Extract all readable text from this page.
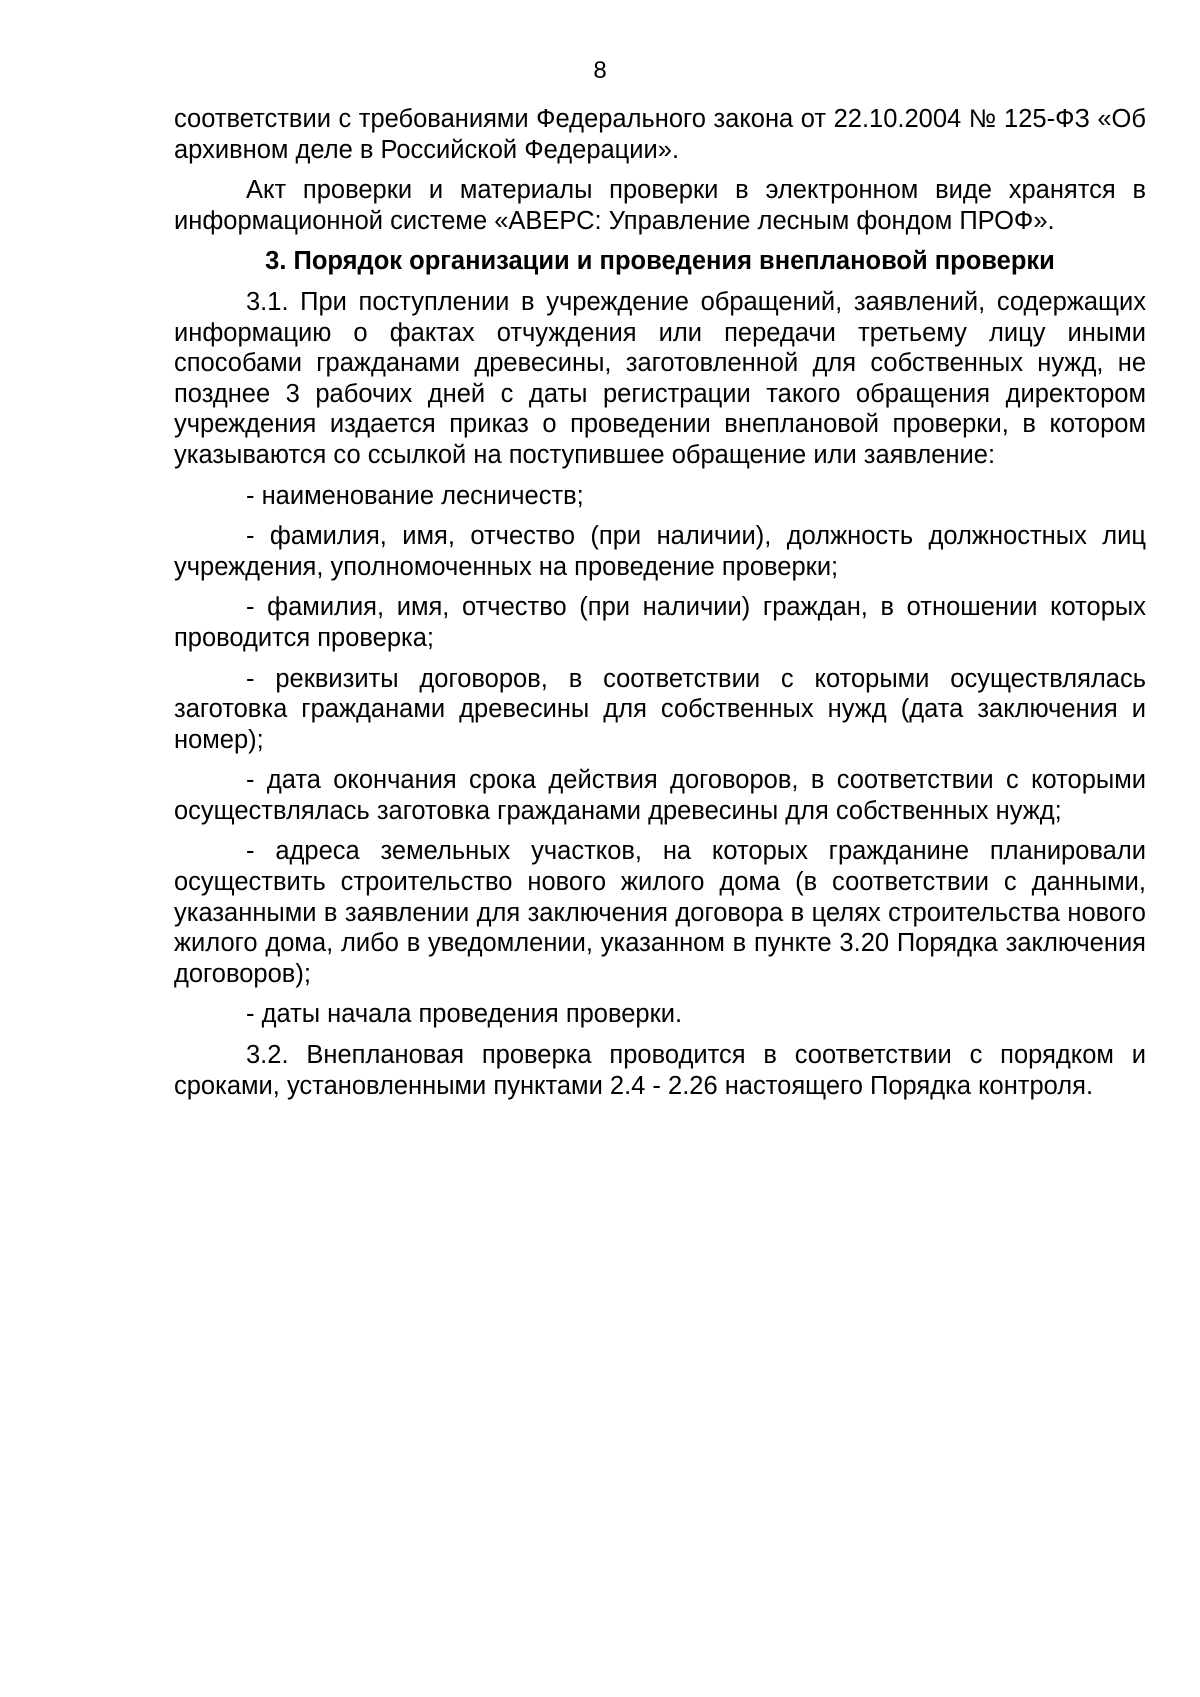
8

соответствии с требованиями Федерального закона от 22.10.2004 № 125-ФЗ «Об архивном деле в Российской Федерации».

Акт проверки и материалы проверки в электронном виде хранятся в информационной системе «АВЕРС: Управление лесным фондом ПРОФ».

3. Порядок организации и проведения внеплановой проверки

3.1. При поступлении в учреждение обращений, заявлений, содержащих информацию о фактах отчуждения или передачи третьему лицу иными способами гражданами древесины, заготовленной для собственных нужд, не позднее 3 рабочих дней с даты регистрации такого обращения директором учреждения издается приказ о проведении внеплановой проверки, в котором указываются со ссылкой на поступившее обращение или заявление:

- наименование лесничеств;

- фамилия, имя, отчество (при наличии), должность должностных лиц учреждения, уполномоченных на проведение проверки;

- фамилия, имя, отчество (при наличии) граждан, в отношении которых проводится проверка;

- реквизиты договоров, в соответствии с которыми осуществлялась заготовка гражданами древесины для собственных нужд (дата заключения и номер);

- дата окончания срока действия договоров, в соответствии с которыми осуществлялась заготовка гражданами древесины для собственных нужд;

- адреса земельных участков, на которых гражданине планировали осуществить строительство нового жилого дома (в соответствии с данными, указанными в заявлении для заключения договора в целях строительства нового жилого дома, либо в уведомлении, указанном в пункте 3.20 Порядка заключения договоров);

- даты начала проведения проверки.

3.2. Внеплановая проверка проводится в соответствии с порядком и сроками, установленными пунктами 2.4 - 2.26 настоящего Порядка контроля.
